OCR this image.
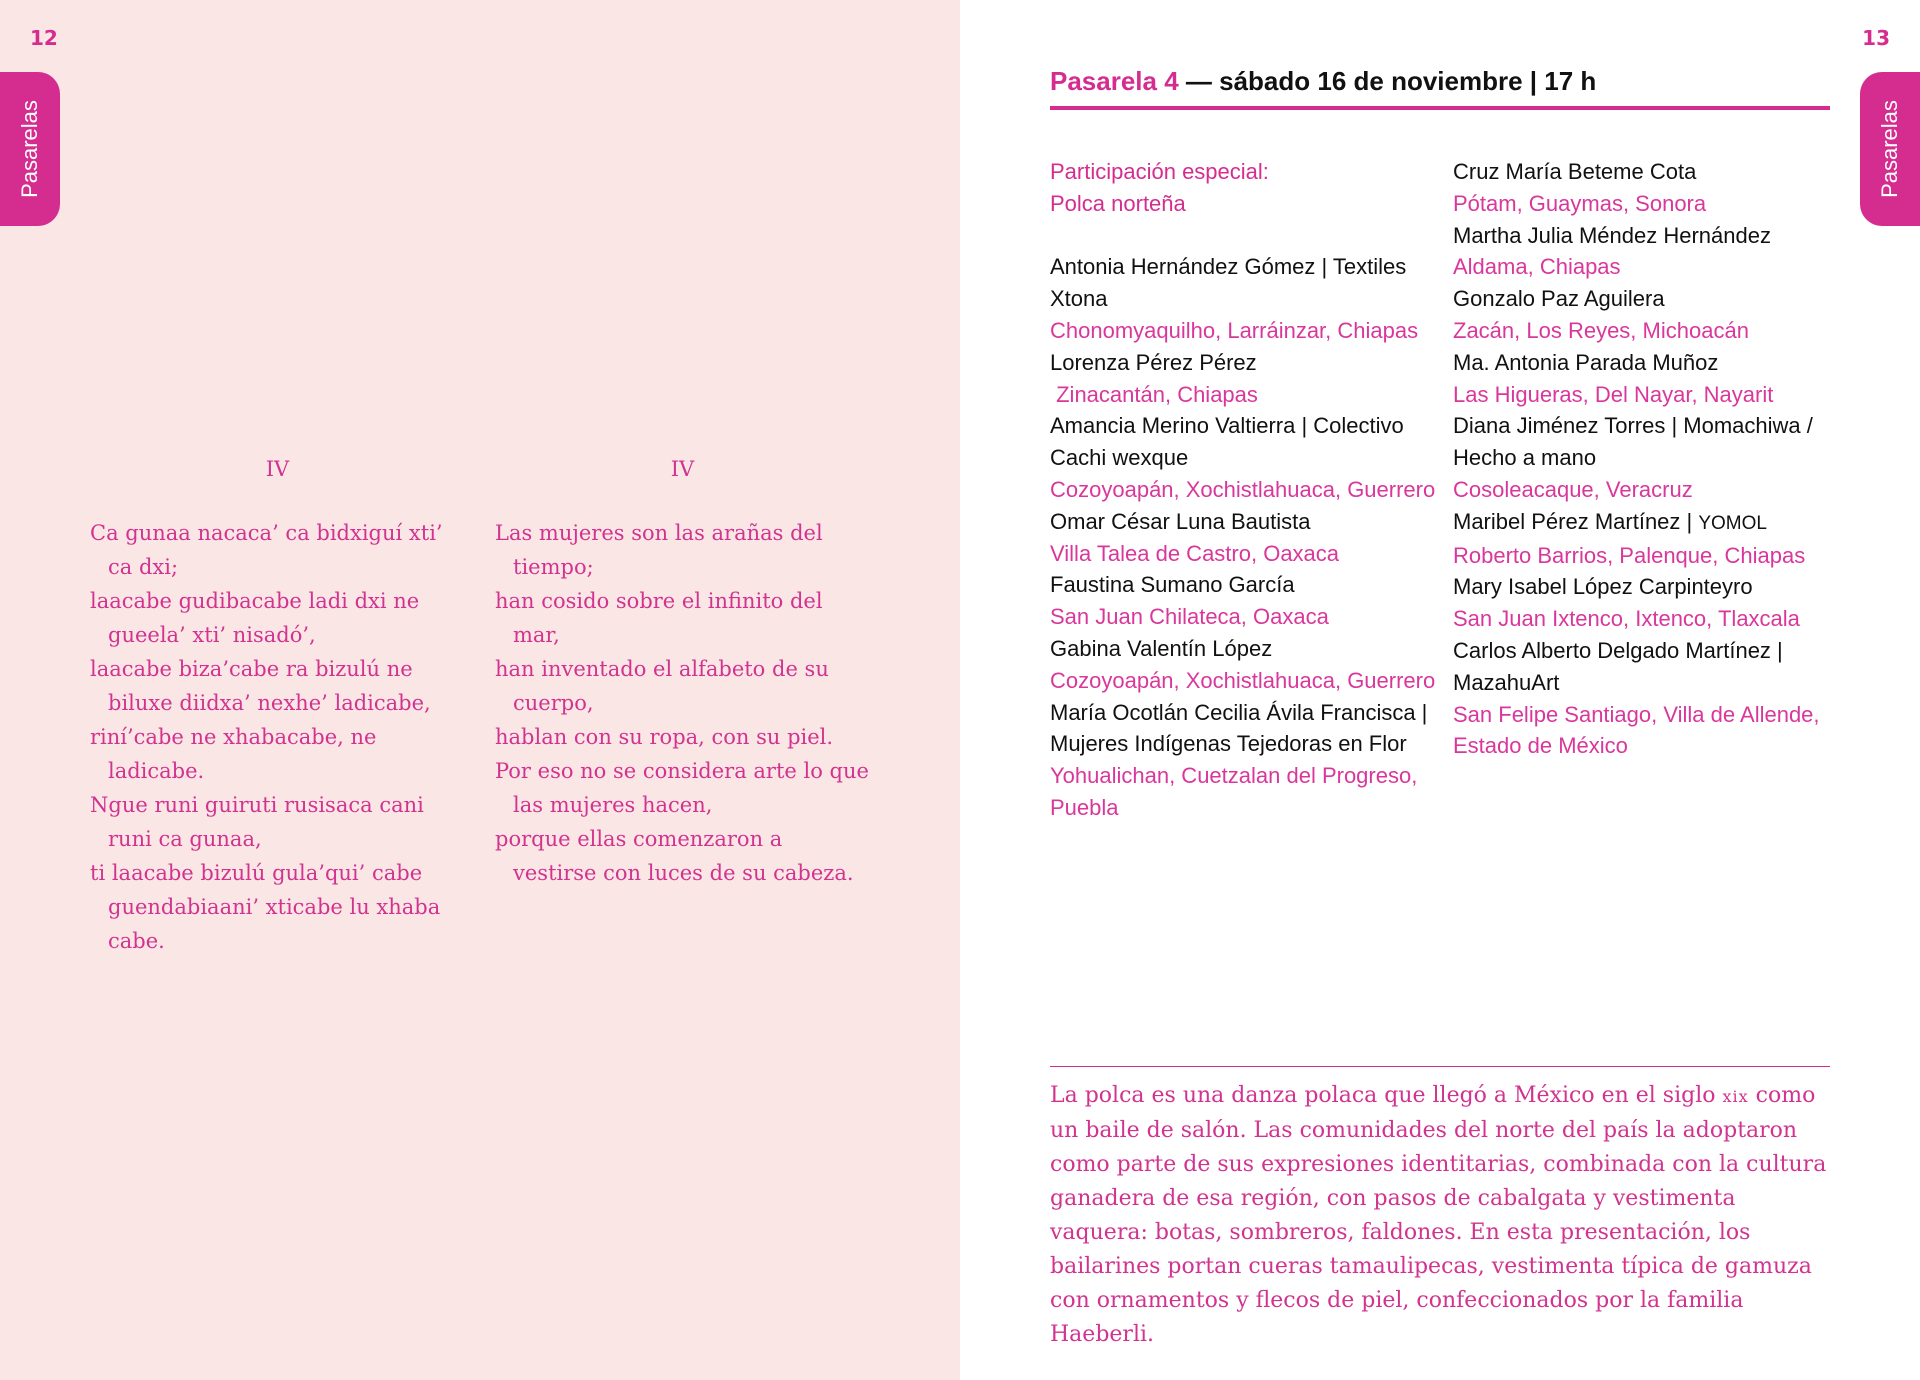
12
Pasarelas
IV
Ca gunaa nacaca’ ca bidxiguí xti’ ca dxi;
laacabe gudibacabe ladi dxi ne gueela’ xti’ nisadó’,
laacabe biza’cabe ra bizulú ne biluxe diidxa’ nexhe’ ladicabe,
riní’cabe ne xhabacabe, ne ladicabe.
Ngue runi guiruti rusisaca cani runi ca gunaa,
ti laacabe bizulú gula’qui’ cabe guendabiaani’ xticabe lu xhaba cabe.
IV
Las mujeres son las arañas del tiempo;
han cosido sobre el infinito del mar,
han inventado el alfabeto de su cuerpo,
hablan con su ropa, con su piel.
Por eso no se considera arte lo que las mujeres hacen,
porque ellas comenzaron a vestirse con luces de su cabeza.
13
Pasarelas
Pasarela 4 — sábado 16 de noviembre | 17 h
Participación especial:
Polca norteña
Antonia Hernández Gómez | Textiles Xtona
Chonomyaquilho, Larráinzar, Chiapas
Lorenza Pérez Pérez
Zinacantán, Chiapas
Amancia Merino Valtierra | Colectivo Cachi wexque
Cozoyoapán, Xochistlahuaca, Guerrero
Omar César Luna Bautista
Villa Talea de Castro, Oaxaca
Faustina Sumano García
San Juan Chilateca, Oaxaca
Gabina Valentín López
Cozoyoapán, Xochistlahuaca, Guerrero
María Ocotlán Cecilia Ávila Francisca | Mujeres Indígenas Tejedoras en Flor
Yohualichan, Cuetzalan del Progreso, Puebla
Cruz María Beteme Cota
Pótam, Guaymas, Sonora
Martha Julia Méndez Hernández
Aldama, Chiapas
Gonzalo Paz Aguilera
Zacán, Los Reyes, Michoacán
Ma. Antonia Parada Muñoz
Las Higueras, Del Nayar, Nayarit
Diana Jiménez Torres | Momachiwa / Hecho a mano
Cosoleacaque, Veracruz
Maribel Pérez Martínez | YOMOL
Roberto Barrios, Palenque, Chiapas
Mary Isabel López Carpinteyro
San Juan Ixtenco, Ixtenco, Tlaxcala
Carlos Alberto Delgado Martínez | MazahuArt
San Felipe Santiago, Villa de Allende, Estado de México

La polca es una danza polaca que llegó a México en el siglo xix como un baile de salón. Las comunidades del norte del país la adoptaron como parte de sus expresiones identitarias, combinada con la cultura ganadera de esa región, con pasos de cabalgata y vestimenta vaquera: botas, sombreros, faldones. En esta presentación, los bailarines portan cueras tamaulipecas, vestimenta típica de gamuza con ornamentos y flecos de piel, confeccionados por la familia Haeberli.
